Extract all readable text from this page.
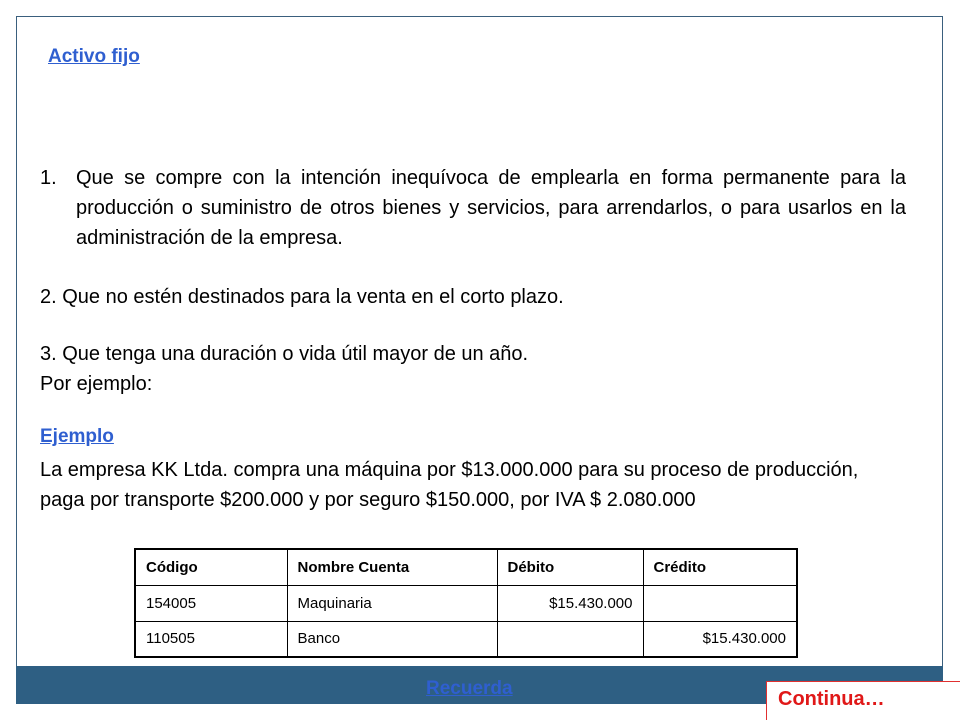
Activo fijo
1. Que se compre con la intención inequívoca de emplearla en forma permanente para la producción o suministro de otros bienes y servicios, para arrendarlos, o para usarlos en la administración de la empresa.
2. Que no estén destinados para la venta en el corto plazo.
3. Que tenga una duración o vida útil mayor de un año.
Por ejemplo:
Ejemplo
La empresa KK Ltda. compra una máquina por $13.000.000 para su proceso de producción, paga por transporte $200.000 y por seguro $150.000, por IVA $ 2.080.000
Código	Nombre Cuenta	Débito	Crédito
154005	Maquinaria	$15.430.000	
110505	Banco		$15.430.000
Recuerda	Continua…
